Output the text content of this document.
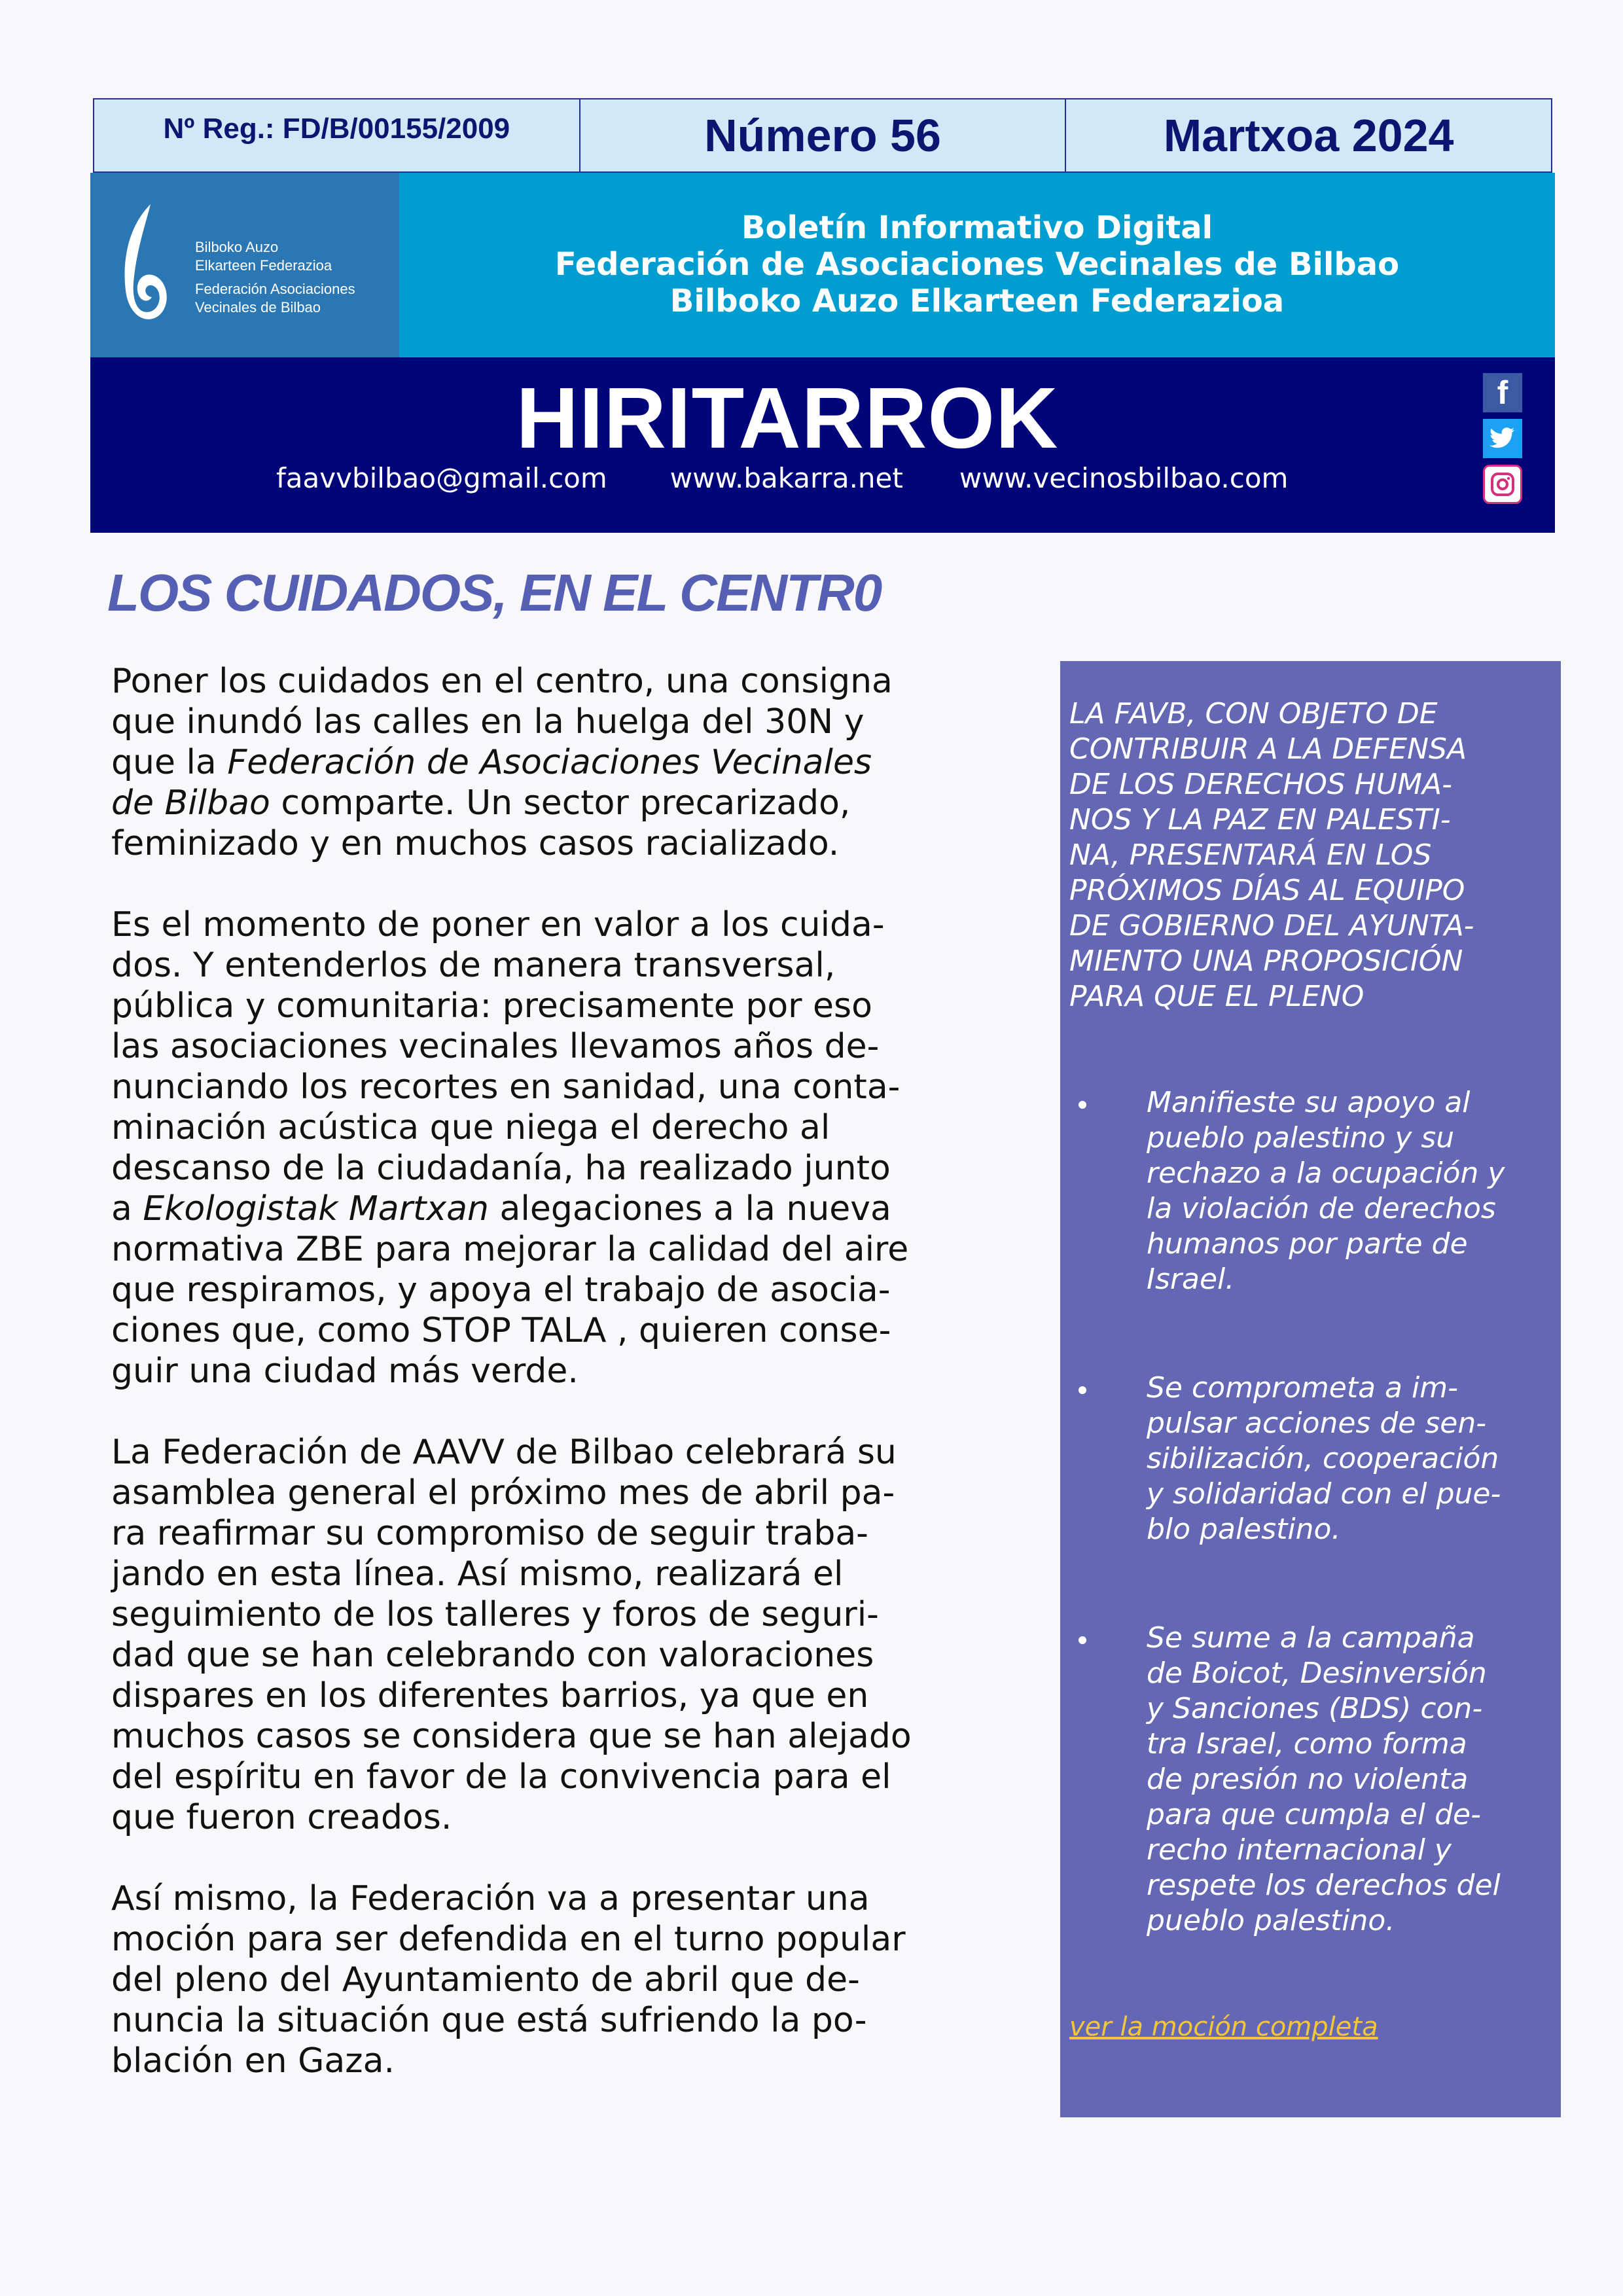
Nº Reg.: FD/B/00155/2009	Número 56	Martxoa 2024
Bilboko Auzo
Elkarteen Federazioa
Federación Asociaciones
Vecinales de Bilbao
Boletín Informativo Digital
Federación de Asociaciones Vecinales de Bilbao
Bilboko Auzo Elkarteen Federazioa
HIRITARROK
faavvbilbao@gmail.com www.bakarra.net www.vecinosbilbao.com
f
LOS CUIDADOS, EN EL CENTR0

Poner los cuidados en el centro, una consigna
que inundó las calles en la huelga del 30N y
que la Federación de Asociaciones Vecinales
de Bilbao comparte. Un sector precarizado,
feminizado y en muchos casos racializado.

Es el momento de poner en valor a los cuida-
dos. Y entenderlos de manera transversal,
pública y comunitaria: precisamente por eso
las asociaciones vecinales llevamos años de-
nunciando los recortes en sanidad, una conta-
minación acústica que niega el derecho al
descanso de la ciudadanía, ha realizado junto
a Ekologistak Martxan alegaciones a la nueva
normativa ZBE para mejorar la calidad del aire
que respiramos, y apoya el trabajo de asocia-
ciones que, como STOP TALA , quieren conse-
guir una ciudad más verde.

La Federación de AAVV de Bilbao celebrará su
asamblea general el próximo mes de abril pa-
ra reafirmar su compromiso de seguir traba-
jando en esta línea. Así mismo, realizará el
seguimiento de los talleres y foros de seguri-
dad que se han celebrando con valoraciones
dispares en los diferentes barrios, ya que en
muchos casos se considera que se han alejado
del espíritu en favor de la convivencia para el
que fueron creados.

Así mismo, la Federación va a presentar una
moción para ser defendida en el turno popular
del pleno del Ayuntamiento de abril que de-
nuncia la situación que está sufriendo la po-
blación en Gaza.

LA FAVB, CON OBJETO DE
CONTRIBUIR A LA DEFENSA
DE LOS DERECHOS HUMA-
NOS Y LA PAZ EN PALESTI-
NA, PRESENTARÁ EN LOS
PRÓXIMOS DÍAS AL EQUIPO
DE GOBIERNO DEL AYUNTA-
MIENTO UNA PROPOSICIÓN
PARA QUE EL PLENO
Manifieste su apoyo al
pueblo palestino y su
rechazo a la ocupación y
la violación de derechos
humanos por parte de
Israel.
Se comprometa a im-
pulsar acciones de sen-
sibilización, cooperación
y solidaridad con el pue-
blo palestino.
Se sume a la campaña
de Boicot, Desinversión
y Sanciones (BDS) con-
tra Israel, como forma
de presión no violenta
para que cumpla el de-
recho internacional y
respete los derechos del
pueblo palestino.
ver la moción completa
